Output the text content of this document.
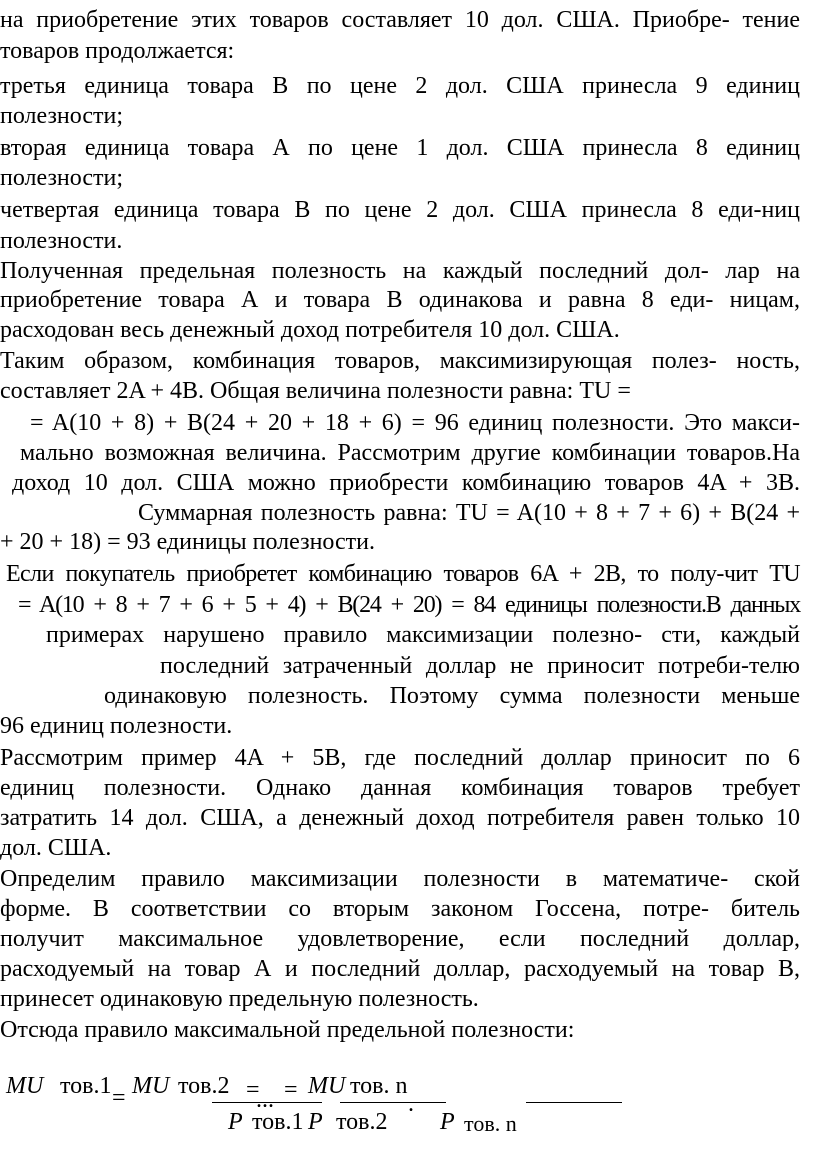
на приобретение этих товаров составляет 10 дол. США. Приобре- тение
товаров продолжается:
третья единица товара В по цене 2 дол. США принесла 9 единиц
полезности;
вторая единица товара А по цене 1 дол. США принесла 8 единиц
полезности;
четвертая единица товара В по цене 2 дол. США принесла 8 еди-ниц
полезности.
Полученная предельная полезность на каждый последний дол- лар на
приобретение товара А и товара В одинакова и равна 8 еди- ницам,
расходован весь денежный доход потребителя 10 дол. США.
Таким образом, комбинация товаров, максимизирующая полез- ность,
составляет 2A + 4B. Общая величина полезности равна: TU =
= A(10 + 8) + B(24 + 20 + 18 + 6) = 96 единиц полезности. Это макси-
мально возможная величина. Рассмотрим другие комбинации товаров.На
доход 10 дол. США можно приобрести комбинацию товаров 4A + 3B.
Суммарная полезность равна: TU = A(10 + 8 + 7 + 6) + B(24 +
+ 20 + 18) = 93 единицы полезности.
Если покупатель приобретет комбинацию товаров 6A + 2B, то полу-чит TU
= A(10 + 8 + 7 + 6 + 5 + 4) + B(24 + 20) = 84 единицы полезности.В данных
примерах нарушено правило максимизации полезно- сти, каждый
последний затраченный доллар не приносит потреби-телю
одинаковую полезность. Поэтому сумма полезности меньше
96 единиц полезности.
Рассмотрим пример 4A + 5B, где последний доллар приносит по 6
единиц полезности. Однако данная комбинация товаров требует
затратить 14 дол. США, а денежный доход потребителя равен только 10
дол. США.
Определим правило максимизации полезности в математиче- ской
форме. В соответствии со вторым законом Госсена, потре- битель
получит максимальное удовлетворение, если последний доллар,
расходуемый на товар А и последний доллар, расходуемый на товар В,
принесет одинаковую предельную полезность.
Отсюда правило максимальной предельной полезности:
MU тов.1 = MU тов.2 =
... = MU тов. n
.
P тов.1 P тов.2 P тов. n
